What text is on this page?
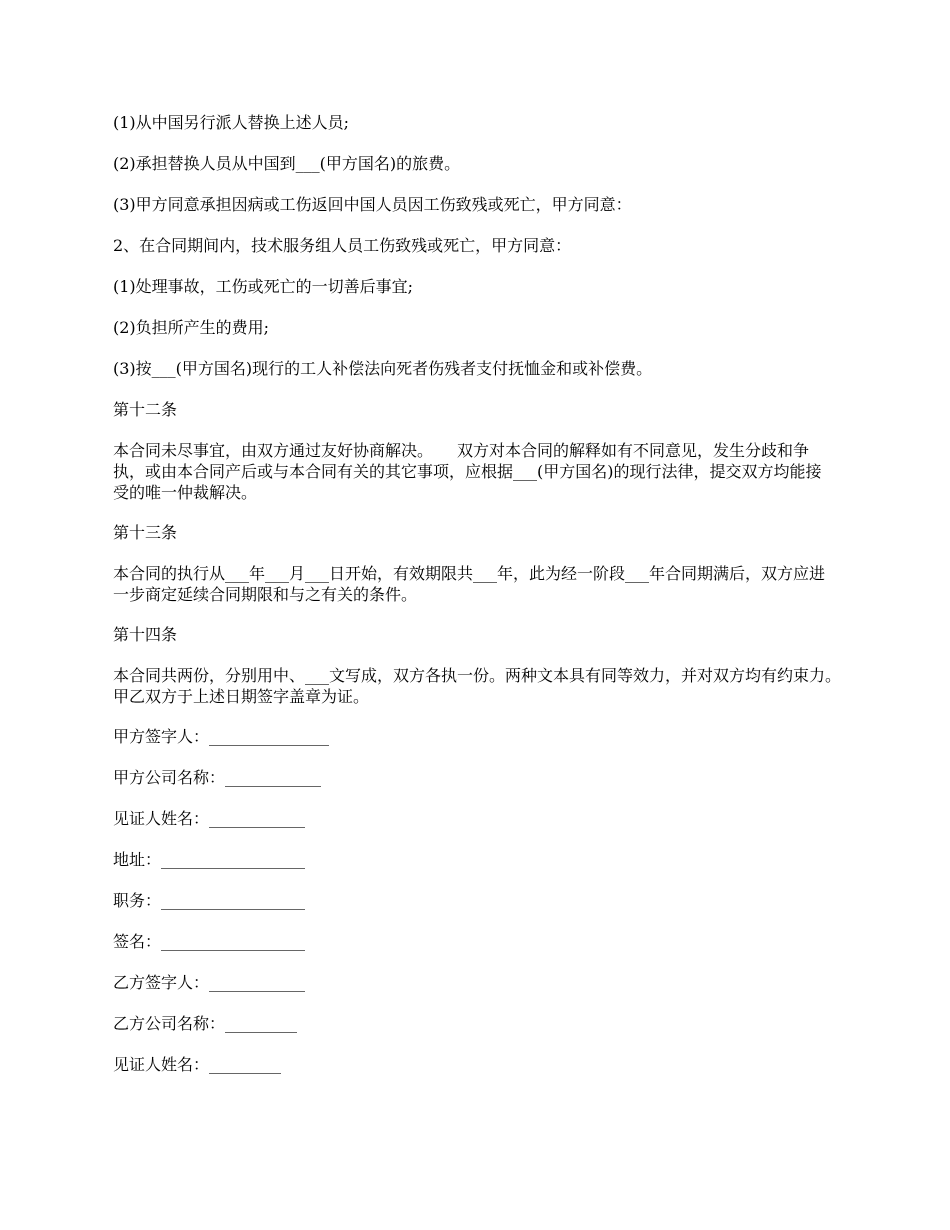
(1)从中国另行派人替换上述人员;

(2)承担替换人员从中国到___(甲方国名)的旅费。

(3)甲方同意承担因病或工伤返回中国人员因工伤致残或死亡，甲方同意：

2、在合同期间内，技术服务组人员工伤致残或死亡，甲方同意：

(1)处理事故，工伤或死亡的一切善后事宜;

(2)负担所产生的费用;

(3)按___(甲方国名)现行的工人补偿法向死者伤残者支付抚恤金和或补偿费。

第十二条

本合同未尽事宜，由双方通过友好协商解决。　　双方对本合同的解释如有不同意见，发生分歧和争执，或由本合同产后或与本合同有关的其它事项，应根据___(甲方国名)的现行法律，提交双方均能接受的唯一仲裁解决。

第十三条

本合同的执行从___年___月___日开始，有效期限共___年，此为经一阶段___年合同期满后，双方应进一步商定延续合同期限和与之有关的条件。

第十四条

本合同共两份，分别用中、___文写成，双方各执一份。两种文本具有同等效力，并对双方均有约束力。　　甲乙双方于上述日期签字盖章为证。

甲方签字人：_______________

甲方公司名称：____________

见证人姓名：____________

地址：__________________

职务：__________________

签名：__________________

乙方签字人：____________

乙方公司名称：_________

见证人姓名：_________
